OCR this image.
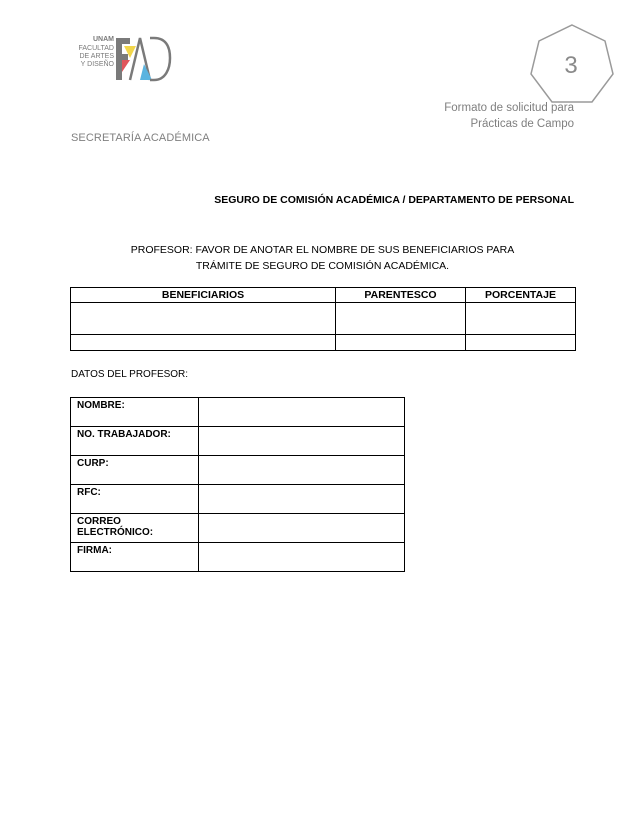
UNAM
FACULTAD
DE ARTES
Y DISEÑO	3
Formato de solicitud para
Prácticas de Campo
SECRETARÍA ACADÉMICA
SEGURO DE COMISIÓN ACADÉMICA / DEPARTAMENTO DE PERSONAL
PROFESOR: FAVOR DE ANOTAR EL NOMBRE DE SUS BENEFICIARIOS PARA
TRÁMITE DE SEGURO DE COMISIÓN ACADÉMICA.
BENEFICIARIOS	PARENTESCO	PORCENTAJE

DATOS DEL PROFESOR:
NOMBRE:	
NO. TRABAJADOR:	
CURP:	
RFC:	
CORREO ELECTRÓNICO:	
FIRMA:	
